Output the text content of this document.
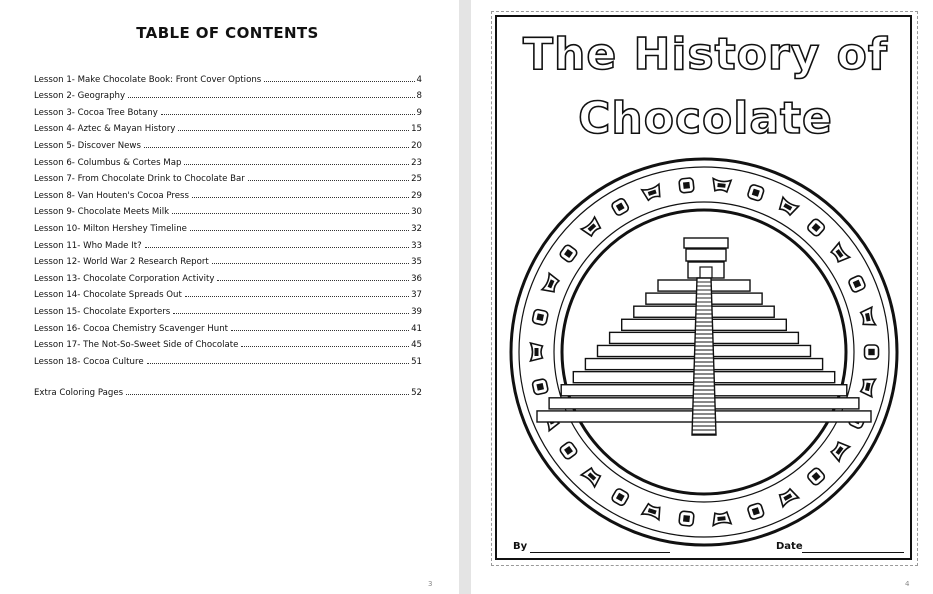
TABLE OF CONTENTS
Lesson 1- Make Chocolate Book: Front Cover Options	4
Lesson 2- Geography	8
Lesson 3- Cocoa Tree Botany	9
Lesson 4- Aztec & Mayan History	15
Lesson 5- Discover News	20
Lesson 6- Columbus & Cortes Map	23
Lesson 7- From Chocolate Drink to Chocolate Bar	25
Lesson 8- Van Houten's Cocoa Press	29
Lesson 9- Chocolate Meets Milk	30
Lesson 10- Milton Hershey Timeline	32
Lesson 11- Who Made It?	33
Lesson 12- World War 2 Research Report	35
Lesson 13- Chocolate Corporation Activity	36
Lesson 14- Chocolate Spreads Out	37
Lesson 15- Chocolate Exporters	39
Lesson 16- Cocoa Chemistry Scavenger Hunt	41
Lesson 17- The Not-So-Sweet Side of Chocolate	45
Lesson 18- Cocoa Culture	51
Extra Coloring Pages	52
3
The History of
Chocolate
By	Date
4
